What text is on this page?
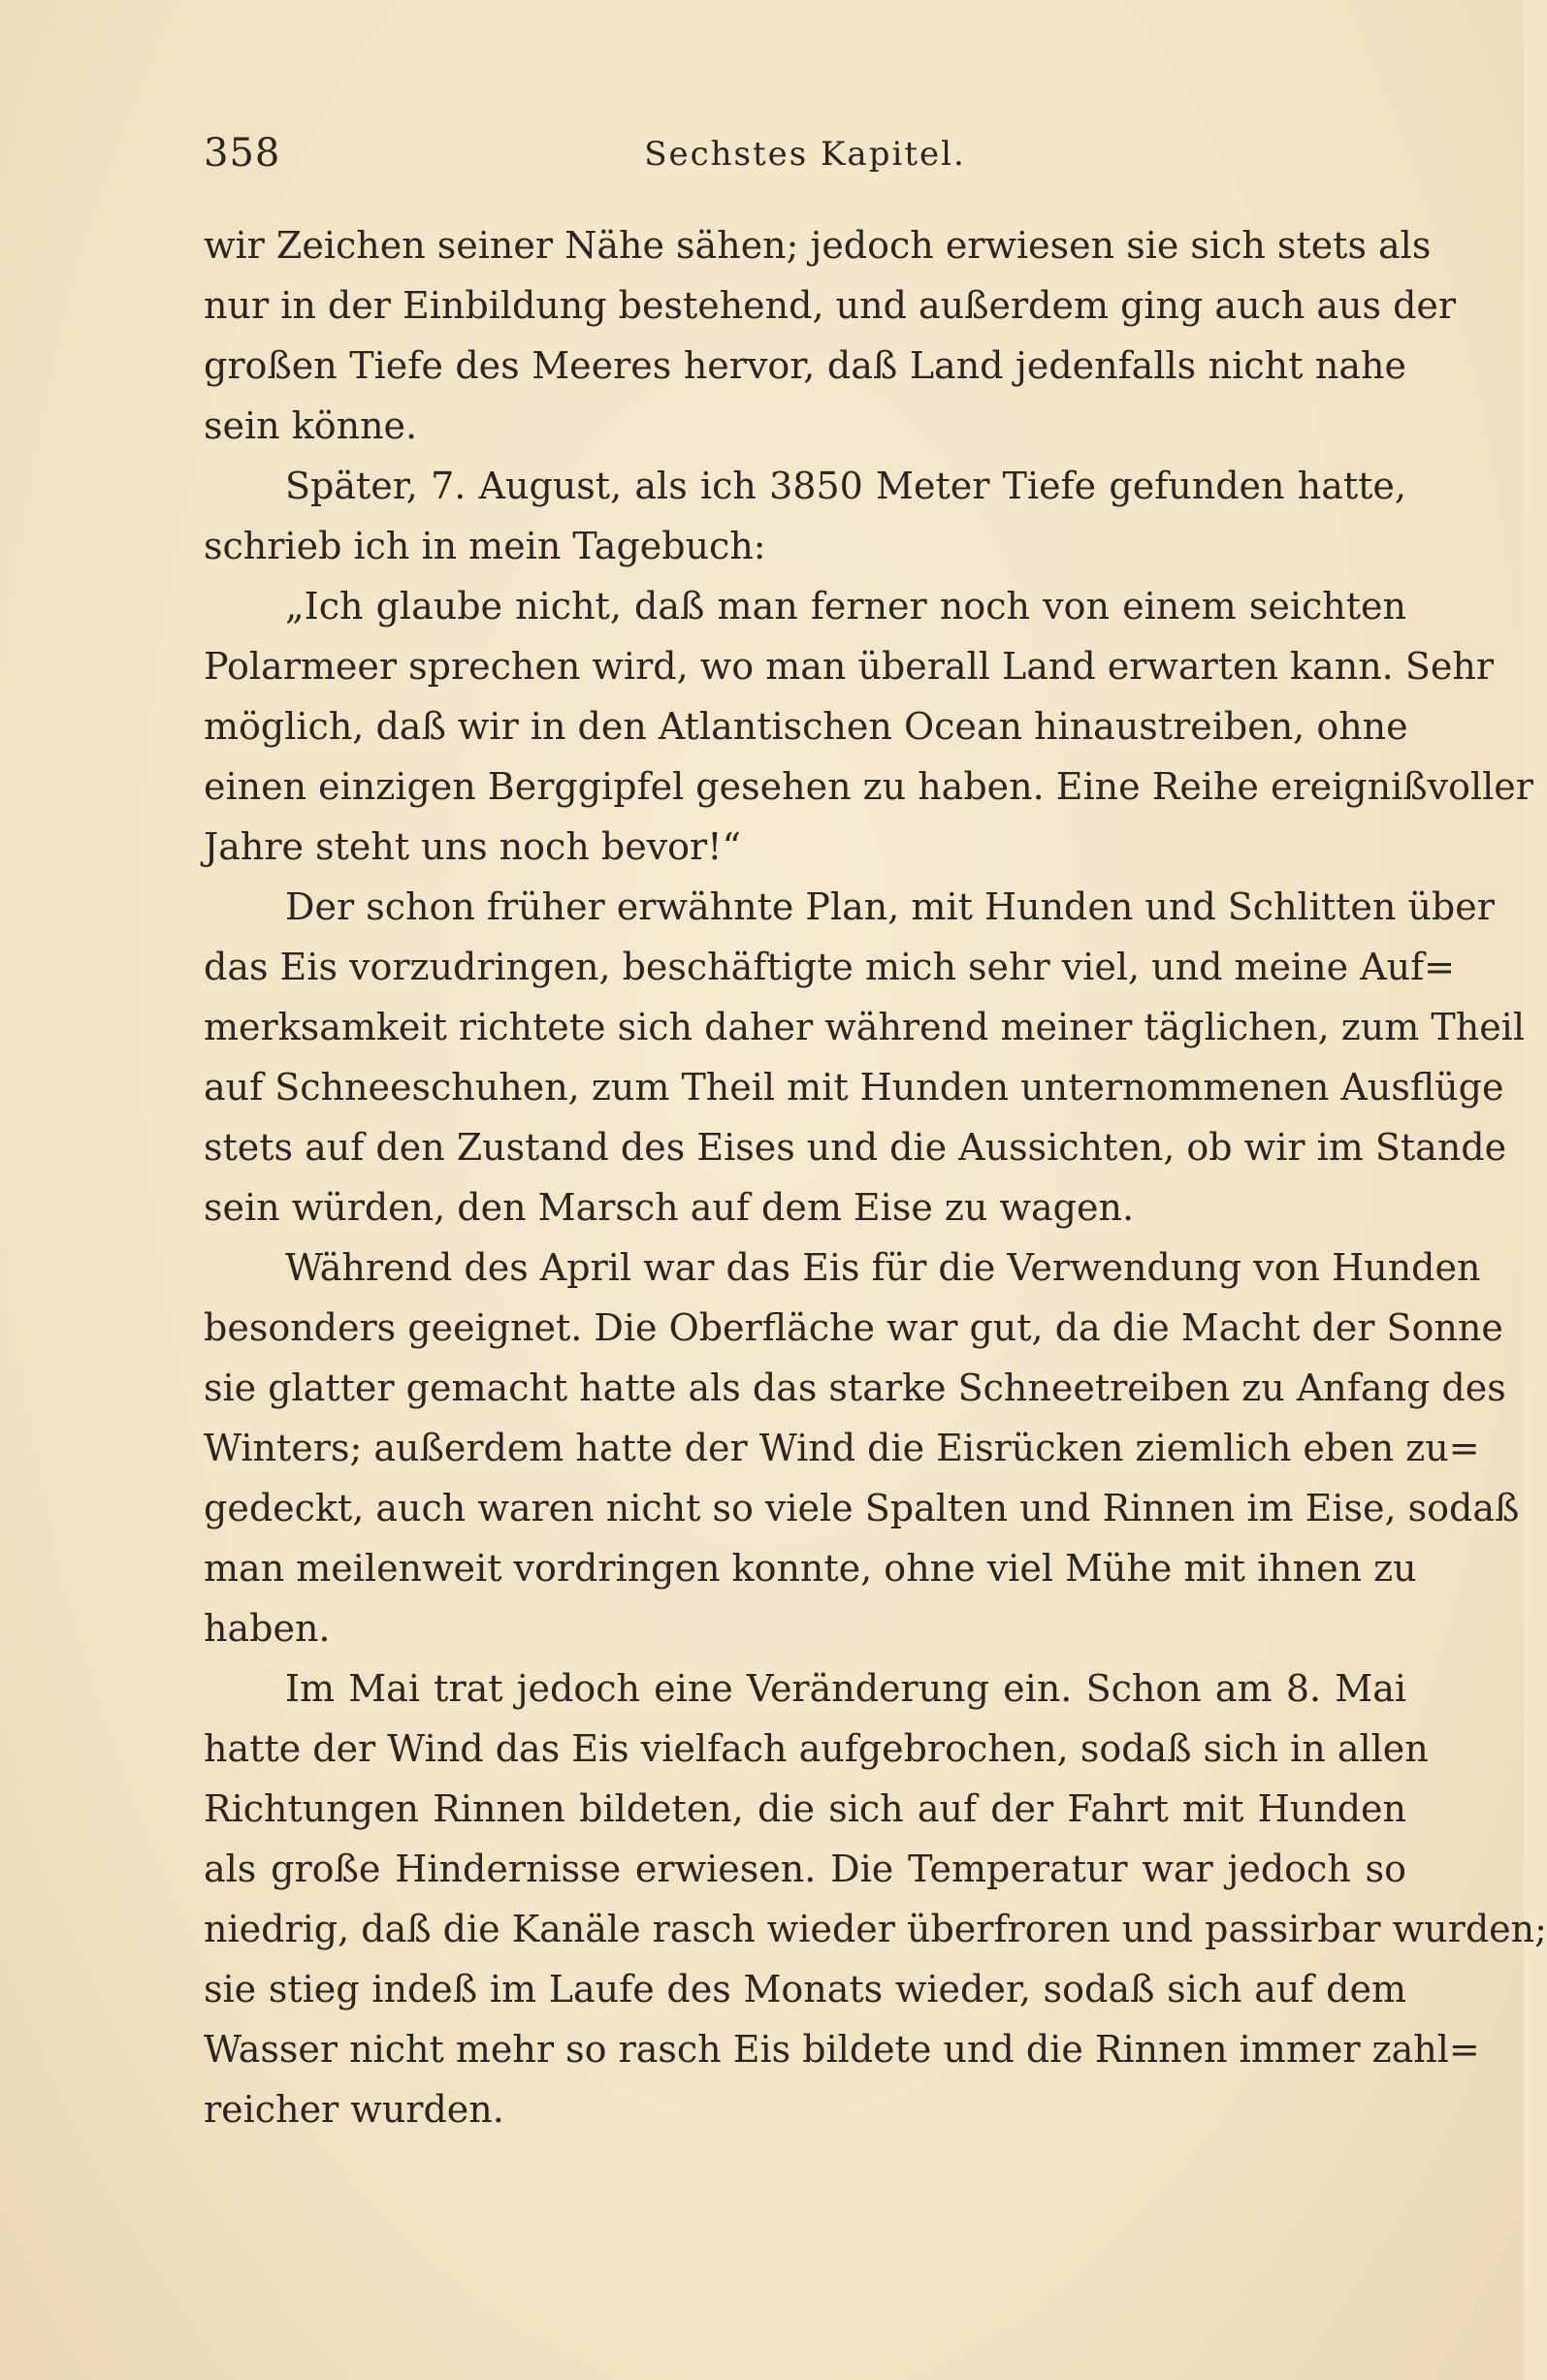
358	Sechstes Kapitel.
wir Zeichen seiner Nähe sähen; jedoch erwiesen sie sich stets als
nur in der Einbildung bestehend, und außerdem ging auch aus der
großen Tiefe des Meeres hervor, daß Land jedenfalls nicht nahe
sein könne.
Später, 7. August, als ich 3850 Meter Tiefe gefunden hatte,
schrieb ich in mein Tagebuch:
„Ich glaube nicht, daß man ferner noch von einem seichten
Polarmeer sprechen wird, wo man überall Land erwarten kann. Sehr
möglich, daß wir in den Atlantischen Ocean hinaustreiben, ohne
einen einzigen Berggipfel gesehen zu haben. Eine Reihe ereignißvoller
Jahre steht uns noch bevor!“
Der schon früher erwähnte Plan, mit Hunden und Schlitten über
das Eis vorzudringen, beschäftigte mich sehr viel, und meine Auf=
merksamkeit richtete sich daher während meiner täglichen, zum Theil
auf Schneeschuhen, zum Theil mit Hunden unternommenen Ausflüge
stets auf den Zustand des Eises und die Aussichten, ob wir im Stande
sein würden, den Marsch auf dem Eise zu wagen.
Während des April war das Eis für die Verwendung von Hunden
besonders geeignet. Die Oberfläche war gut, da die Macht der Sonne
sie glatter gemacht hatte als das starke Schneetreiben zu Anfang des
Winters; außerdem hatte der Wind die Eisrücken ziemlich eben zu=
gedeckt, auch waren nicht so viele Spalten und Rinnen im Eise, sodaß
man meilenweit vordringen konnte, ohne viel Mühe mit ihnen zu
haben.
Im Mai trat jedoch eine Veränderung ein. Schon am 8. Mai
hatte der Wind das Eis vielfach aufgebrochen, sodaß sich in allen
Richtungen Rinnen bildeten, die sich auf der Fahrt mit Hunden
als große Hindernisse erwiesen. Die Temperatur war jedoch so
niedrig, daß die Kanäle rasch wieder überfroren und passirbar wurden;
sie stieg indeß im Laufe des Monats wieder, sodaß sich auf dem
Wasser nicht mehr so rasch Eis bildete und die Rinnen immer zahl=
reicher wurden.
